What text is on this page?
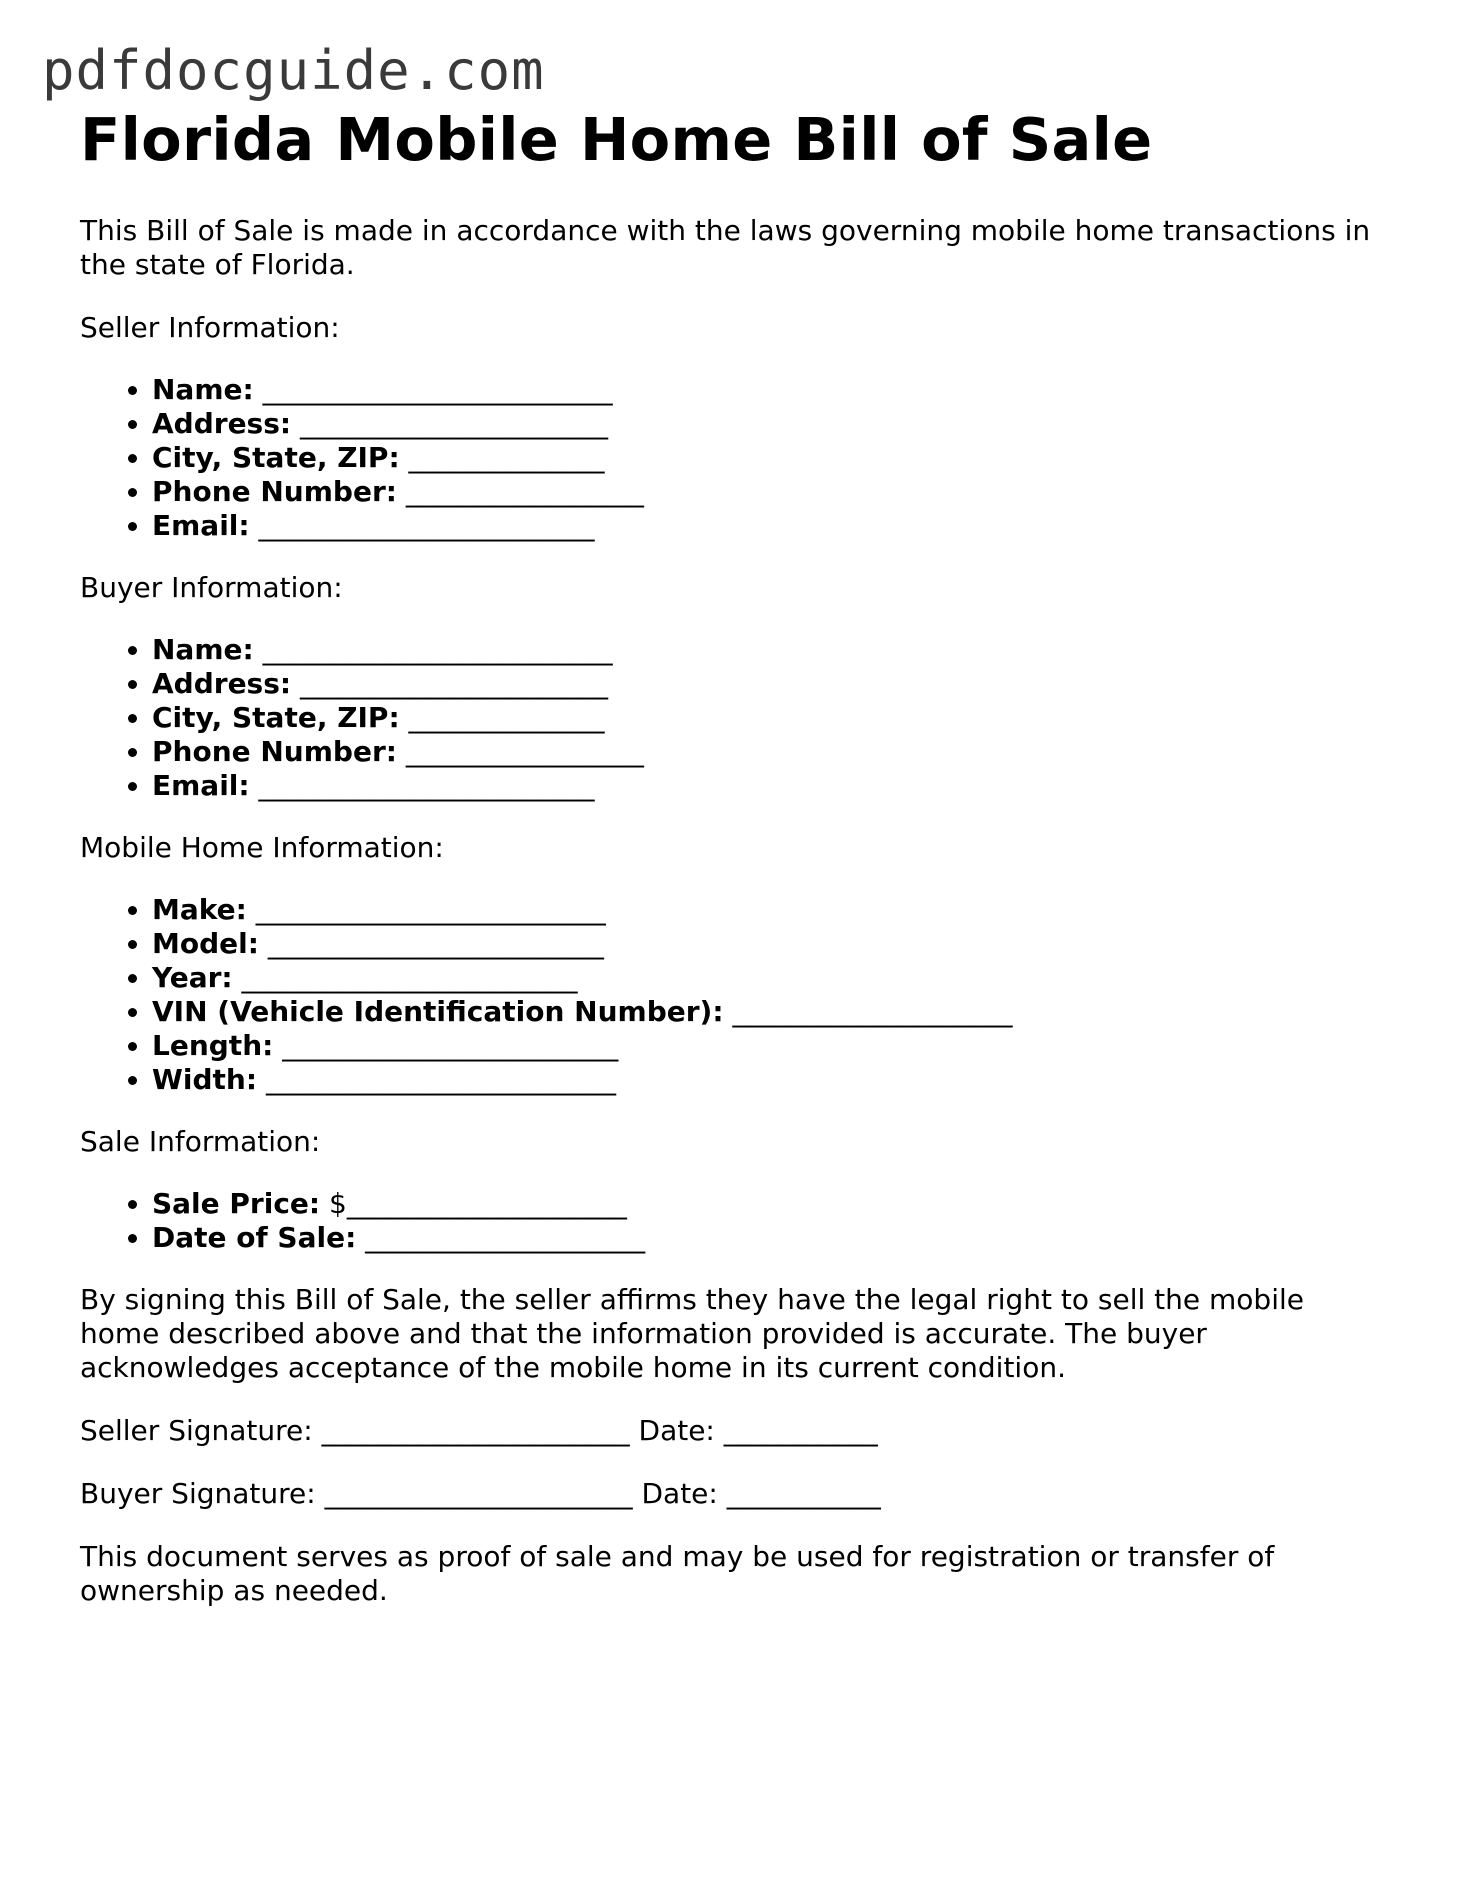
pdfdocguide.com
Florida Mobile Home Bill of Sale

This Bill of Sale is made in accordance with the laws governing mobile home transactions in the state of Florida.

Seller Information:

• Name: _________________________
• Address: ______________________
• City, State, ZIP: ______________
• Phone Number: _________________
• Email: ________________________

Buyer Information:

• Name: _________________________
• Address: ______________________
• City, State, ZIP: ______________
• Phone Number: _________________
• Email: ________________________

Mobile Home Information:

• Make: _________________________
• Model: ________________________
• Year: ________________________
• VIN (Vehicle Identification Number): ____________________
• Length: ________________________
• Width: _________________________

Sale Information:

• Sale Price: $____________________
• Date of Sale: ____________________

By signing this Bill of Sale, the seller affirms they have the legal right to sell the mobile home described above and that the information provided is accurate. The buyer acknowledges acceptance of the mobile home in its current condition.

Seller Signature: ______________________ Date: ___________

Buyer Signature: ______________________ Date: ___________

This document serves as proof of sale and may be used for registration or transfer of ownership as needed.
